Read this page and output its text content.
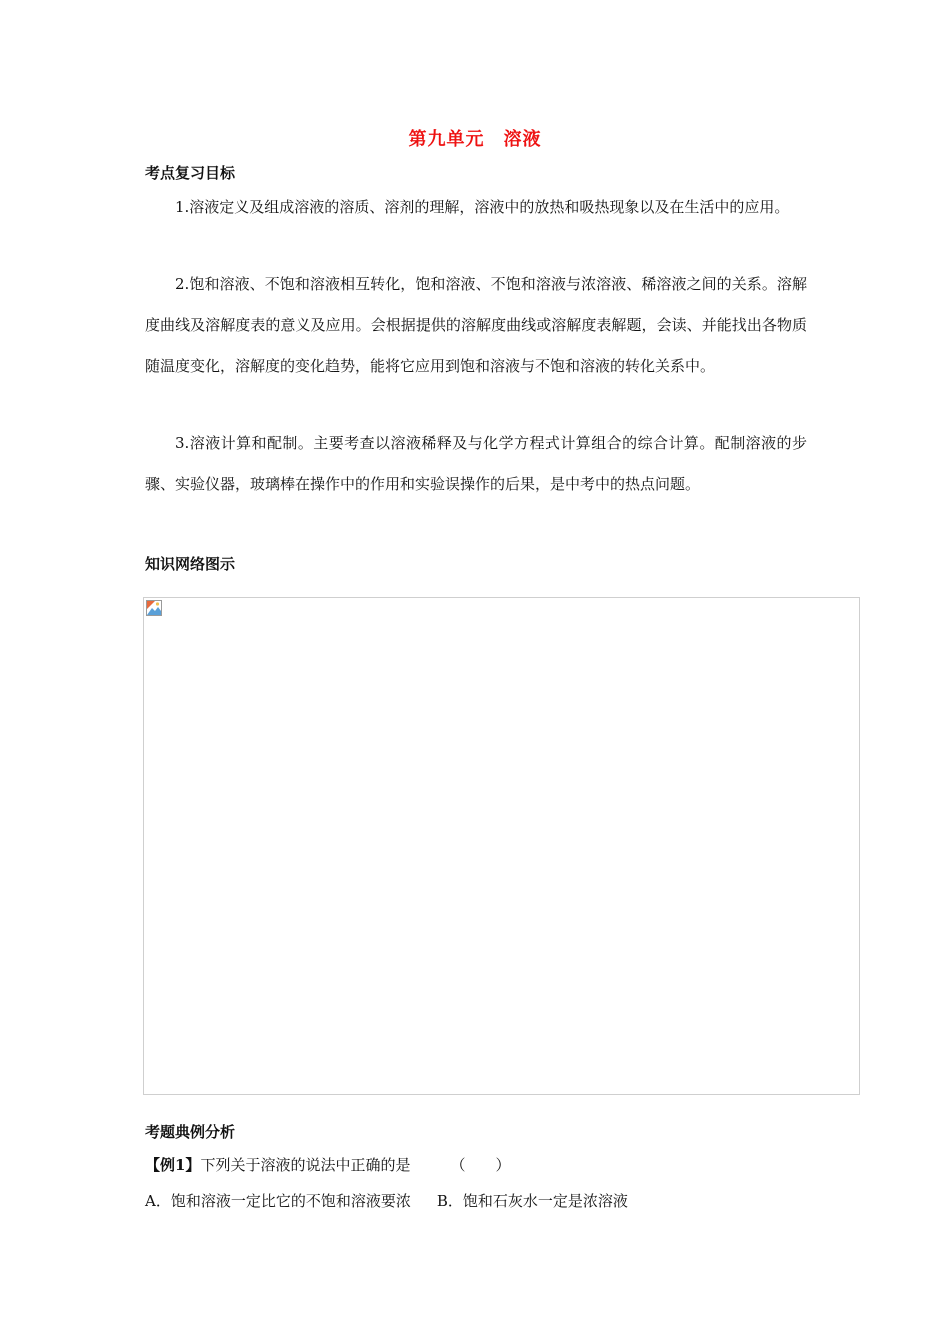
第九单元　溶液
考点复习目标
1.溶液定义及组成溶液的溶质、溶剂的理解，溶液中的放热和吸热现象以及在生活中的应用。
2.饱和溶液、不饱和溶液相互转化，饱和溶液、不饱和溶液与浓溶液、稀溶液之间的关系。溶解度曲线及溶解度表的意义及应用。会根据提供的溶解度曲线或溶解度表解题，会读、并能找出各物质随温度变化，溶解度的变化趋势，能将它应用到饱和溶液与不饱和溶液的转化关系中。
3.溶液计算和配制。主要考查以溶液稀释及与化学方程式计算组合的综合计算。配制溶液的步骤、实验仪器，玻璃棒在操作中的作用和实验误操作的后果，是中考中的热点问题。
知识网络图示
考题典例分析
【例1】下列关于溶液的说法中正确的是	（　　）
A．饱和溶液一定比它的不饱和溶液要浓 B．饱和石灰水一定是浓溶液
